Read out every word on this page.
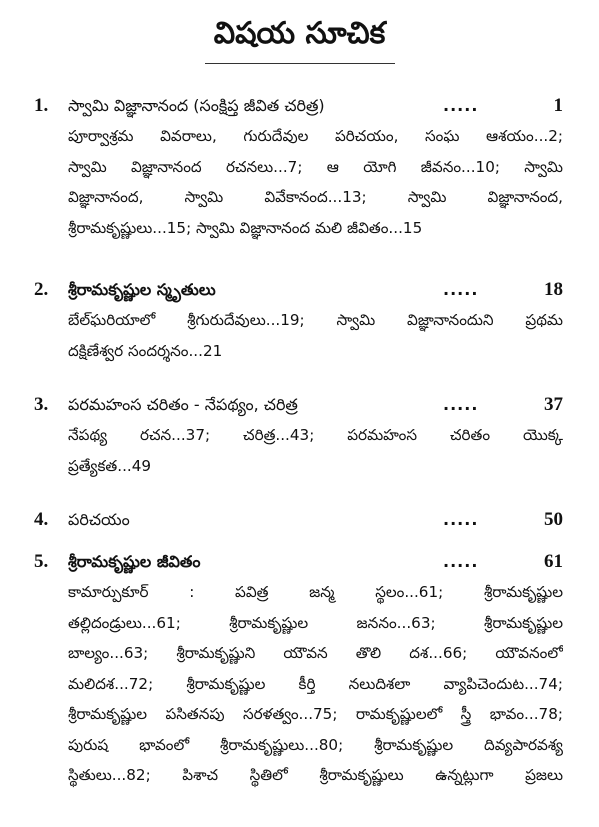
విషయ సూచిక
1. స్వామి విజ్ఞానానంద (సంక్షిప్త జీవిత చరిత్ర)	.....	1
పూర్వాశ్రమ వివరాలు, గురుదేవుల పరిచయం, సంఘ ఆశయం...2;
స్వామి విజ్ఞానానంద రచనలు...7; ఆ యోగి జీవనం...10; స్వామి
విజ్ఞానానంద, స్వామి వివేకానంద...13; స్వామి విజ్ఞానానంద,
శ్రీరామకృష్ణులు...15; స్వామి విజ్ఞానానంద మలి జీవితం...15
2. శ్రీరామకృష్ణుల స్మృతులు	.....	18
బేల్‌ఘరియాలో శ్రీగురుదేవులు...19; స్వామి విజ్ఞానానందుని ప్రథమ
దక్షిణేశ్వర సందర్శనం...21
3. పరమహంస చరితం - నేపథ్యం, చరిత్ర	.....	37
నేపథ్య రచన...37; చరిత్ర...43; పరమహంస చరితం యొక్క
ప్రత్యేకత...49
4. పరిచయం	.....	50
5. శ్రీరామకృష్ణుల జీవితం	.....	61
కామార్పుకూర్ : పవిత్ర జన్మ స్థలం...61; శ్రీరామకృష్ణుల
తల్లిదండ్రులు...61; శ్రీరామకృష్ణుల జననం...63; శ్రీరామకృష్ణుల
బాల్యం...63; శ్రీరామకృష్ణుని యౌవన తొలి దశ...66; యౌవనంలో
మలిదశ...72; శ్రీరామకృష్ణుల కీర్తి నలుదిశలా వ్యాపిచెందుట...74;
శ్రీరామకృష్ణుల పసితనపు సరళత్వం...75; రామకృష్ణులలో స్త్రీ భావం...78;
పురుష భావంలో శ్రీరామకృష్ణులు...80; శ్రీరామకృష్ణుల దివ్యపారవశ్య
స్థితులు...82; పిశాచ స్థితిలో శ్రీరామకృష్ణులు ఉన్నట్లుగా ప్రజలు
